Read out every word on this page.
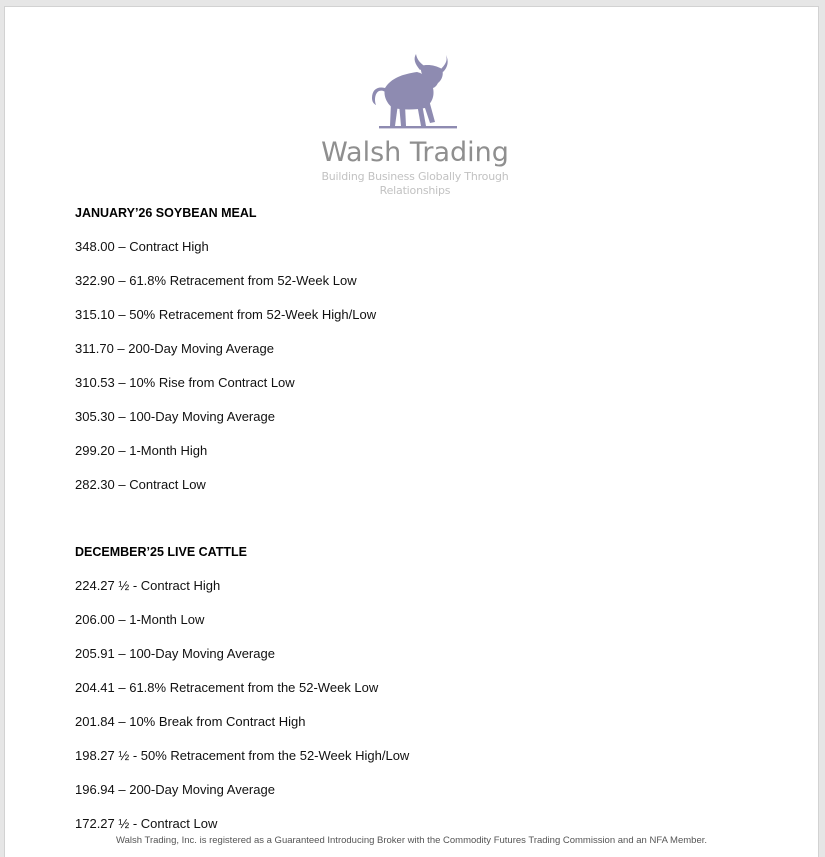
Walsh Trading
Building Business Globally Through Relationships
JANUARY’26 SOYBEAN MEAL
348.00 – Contract High
322.90 – 61.8% Retracement from 52-Week Low
315.10 – 50% Retracement from 52-Week High/Low
311.70 – 200-Day Moving Average
310.53 – 10% Rise from Contract Low
305.30 – 100-Day Moving Average
299.20 – 1-Month High
282.30 – Contract Low
DECEMBER’25 LIVE CATTLE
224.27 ½ - Contract High
206.00 – 1-Month Low
205.91 – 100-Day Moving Average
204.41 – 61.8% Retracement from the 52-Week Low
201.84 – 10% Break from Contract High
198.27 ½ - 50% Retracement from the 52-Week High/Low
196.94 – 200-Day Moving Average
172.27 ½ - Contract Low
Walsh Trading, Inc. is registered as a Guaranteed Introducing Broker with the Commodity Futures Trading Commission and an NFA Member.
